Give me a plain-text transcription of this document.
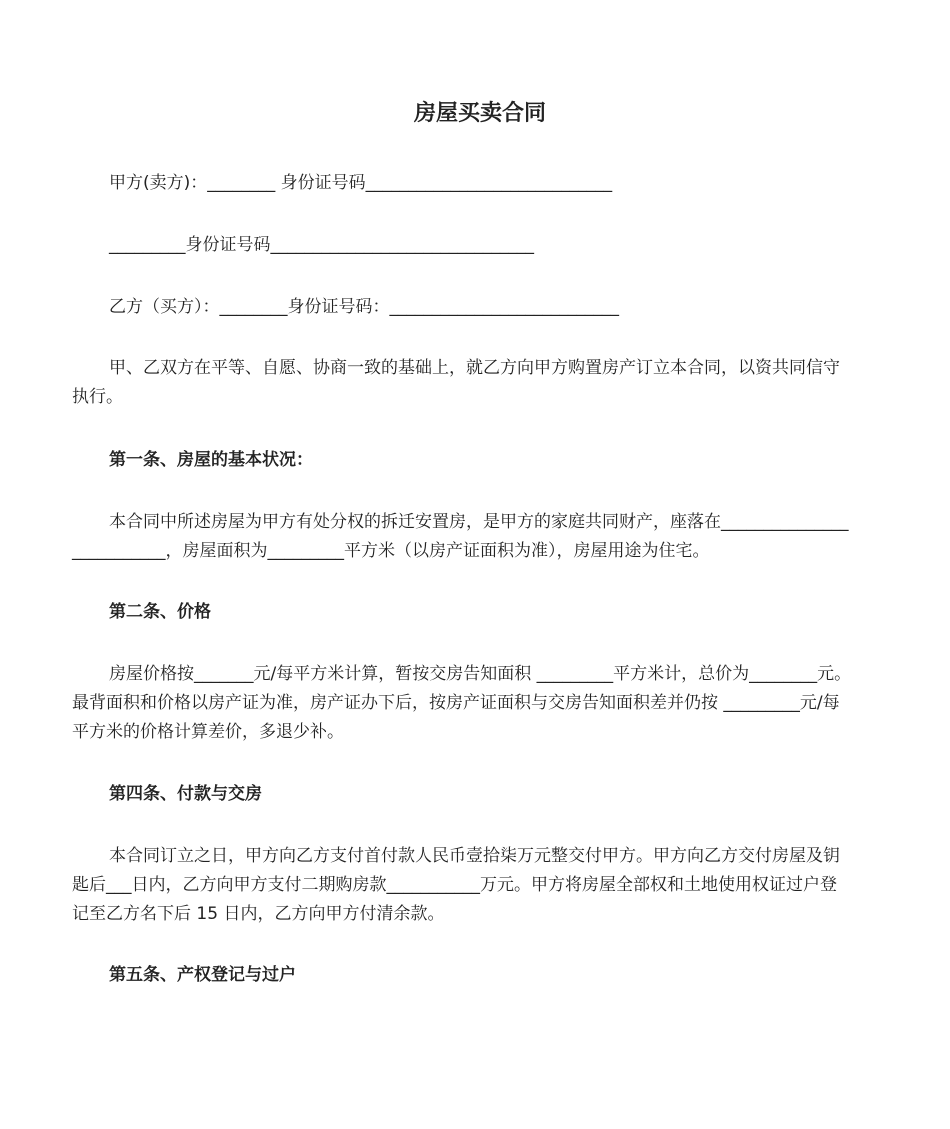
房屋买卖合同
甲方(卖方)：________ 身份证号码_____________________________
_________身份证号码_______________________________
乙方（买方）：________身份证号码：___________________________
甲、乙双方在平等、自愿、协商一致的基础上，就乙方向甲方购置房产订立本合同，以资共同信守
执行。
第一条、房屋的基本状况：
本合同中所述房屋为甲方有处分权的拆迁安置房，是甲方的家庭共同财产，座落在_______________
___________，房屋面积为_________平方米（以房产证面积为准），房屋用途为住宅。
第二条、价格
房屋价格按_______元/每平方米计算，暂按交房告知面积 _________平方米计，总价为________元。
最背面积和价格以房产证为准，房产证办下后，按房产证面积与交房告知面积差并仍按 _________元/每
平方米的价格计算差价，多退少补。
第四条、付款与交房
本合同订立之日，甲方向乙方支付首付款人民币壹拾柒万元整交付甲方。甲方向乙方交付房屋及钥
匙后___日内，乙方向甲方支付二期购房款___________万元。甲方将房屋全部权和土地使用权证过户登
记至乙方名下后 15 日内，乙方向甲方付清余款。
第五条、产权登记与过户
